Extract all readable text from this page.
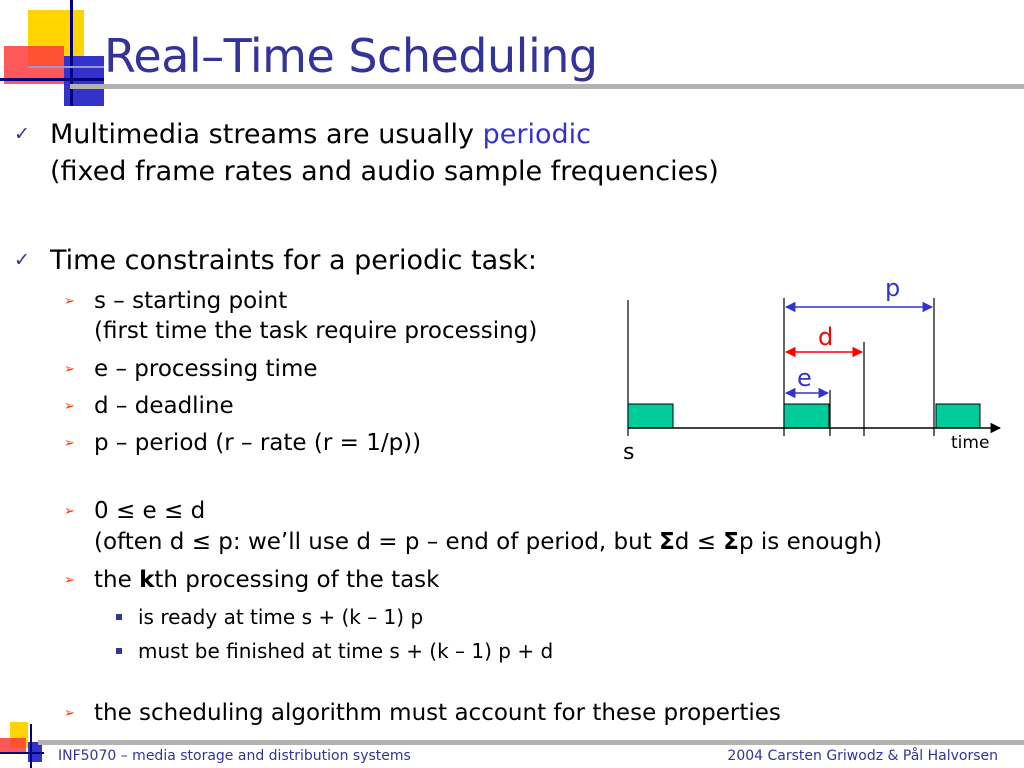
Real–Time Scheduling
✓ Multimedia streams are usually periodic
(fixed frame rates and audio sample frequencies)
✓ Time constraints for a periodic task:
➢ s – starting point
(first time the task require processing)
➢ e – processing time
➢ d – deadline
➢ p – period (r – rate (r = 1/p))
➢ 0 ≤ e ≤ d
(often d ≤ p: we’ll use d = p – end of period, but Σd ≤ Σp is enough)
➢ the kth processing of the task
is ready at time s + (k – 1) p
must be finished at time s + (k – 1) p + d
➢ the scheduling algorithm must account for these properties
p
d
e
s	time
INF5070 – media storage and distribution systems	2004 Carsten Griwodz & Pål Halvorsen
